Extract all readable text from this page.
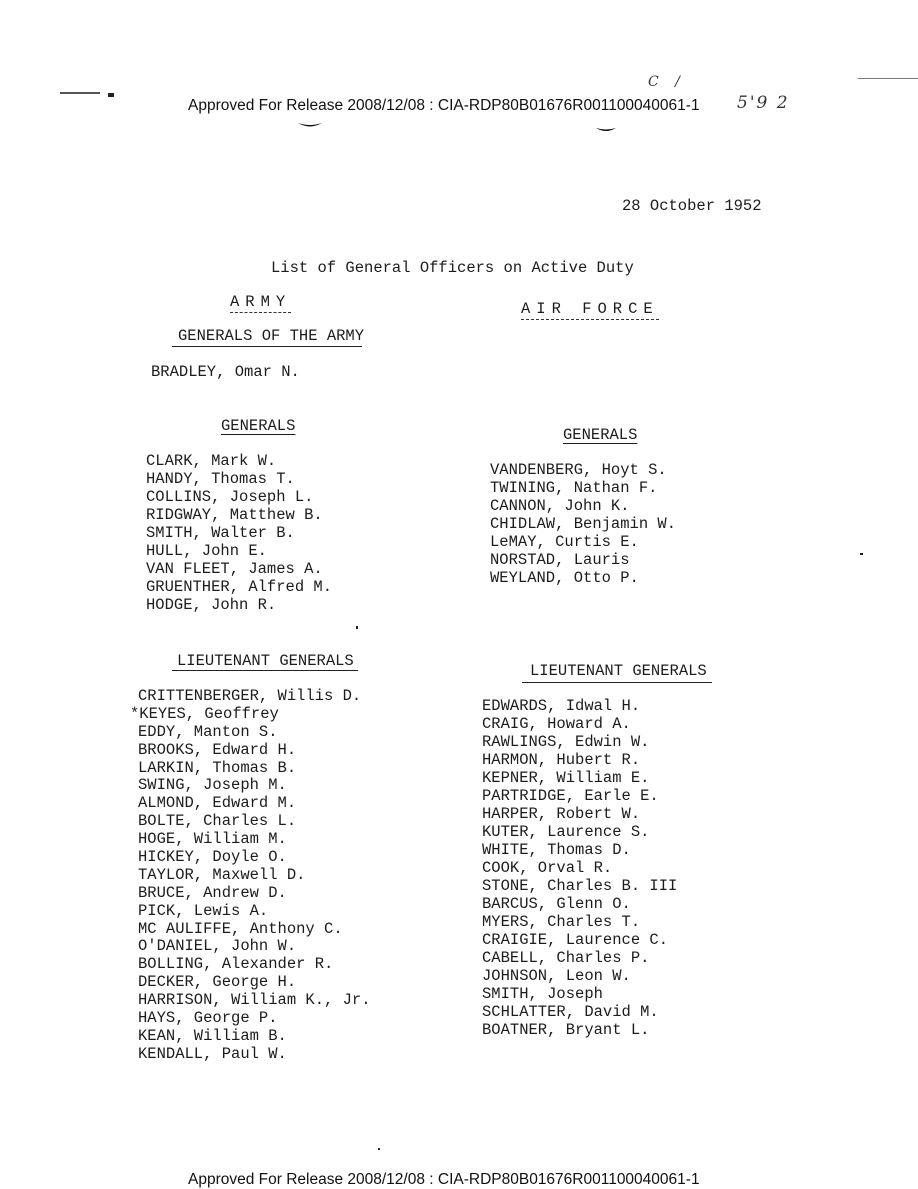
C /
Approved For Release 2008/12/08 : CIA-RDP80B01676R001100040061-1 5'9 2
28 October 1952
List of General Officers on Active Duty
ARMY	AIR FORCE
GENERALS OF THE ARMY
BRADLEY, Omar N.
GENERALS
CLARK, Mark W.
HANDY, Thomas T.
COLLINS, Joseph L.
RIDGWAY, Matthew B.
SMITH, Walter B.
HULL, John E.
VAN FLEET, James A.
GRUENTHER, Alfred M.
HODGE, John R.
GENERALS
VANDENBERG, Hoyt S.
TWINING, Nathan F.
CANNON, John K.
CHIDLAW, Benjamin W.
LeMAY, Curtis E.
NORSTAD, Lauris
WEYLAND, Otto P.
LIEUTENANT GENERALS
CRITTENBERGER, Willis D.
*KEYES, Geoffrey
EDDY, Manton S.
BROOKS, Edward H.
LARKIN, Thomas B.
SWING, Joseph M.
ALMOND, Edward M.
BOLTE, Charles L.
HOGE, William M.
HICKEY, Doyle O.
TAYLOR, Maxwell D.
BRUCE, Andrew D.
PICK, Lewis A.
MC AULIFFE, Anthony C.
O'DANIEL, John W.
BOLLING, Alexander R.
DECKER, George H.
HARRISON, William K., Jr.
HAYS, George P.
KEAN, William B.
KENDALL, Paul W.
LIEUTENANT GENERALS
EDWARDS, Idwal H.
CRAIG, Howard A.
RAWLINGS, Edwin W.
HARMON, Hubert R.
KEPNER, William E.
PARTRIDGE, Earle E.
HARPER, Robert W.
KUTER, Laurence S.
WHITE, Thomas D.
COOK, Orval R.
STONE, Charles B. III
BARCUS, Glenn O.
MYERS, Charles T.
CRAIGIE, Laurence C.
CABELL, Charles P.
JOHNSON, Leon W.
SMITH, Joseph
SCHLATTER, David M.
BOATNER, Bryant L.
Approved For Release 2008/12/08 : CIA-RDP80B01676R001100040061-1
